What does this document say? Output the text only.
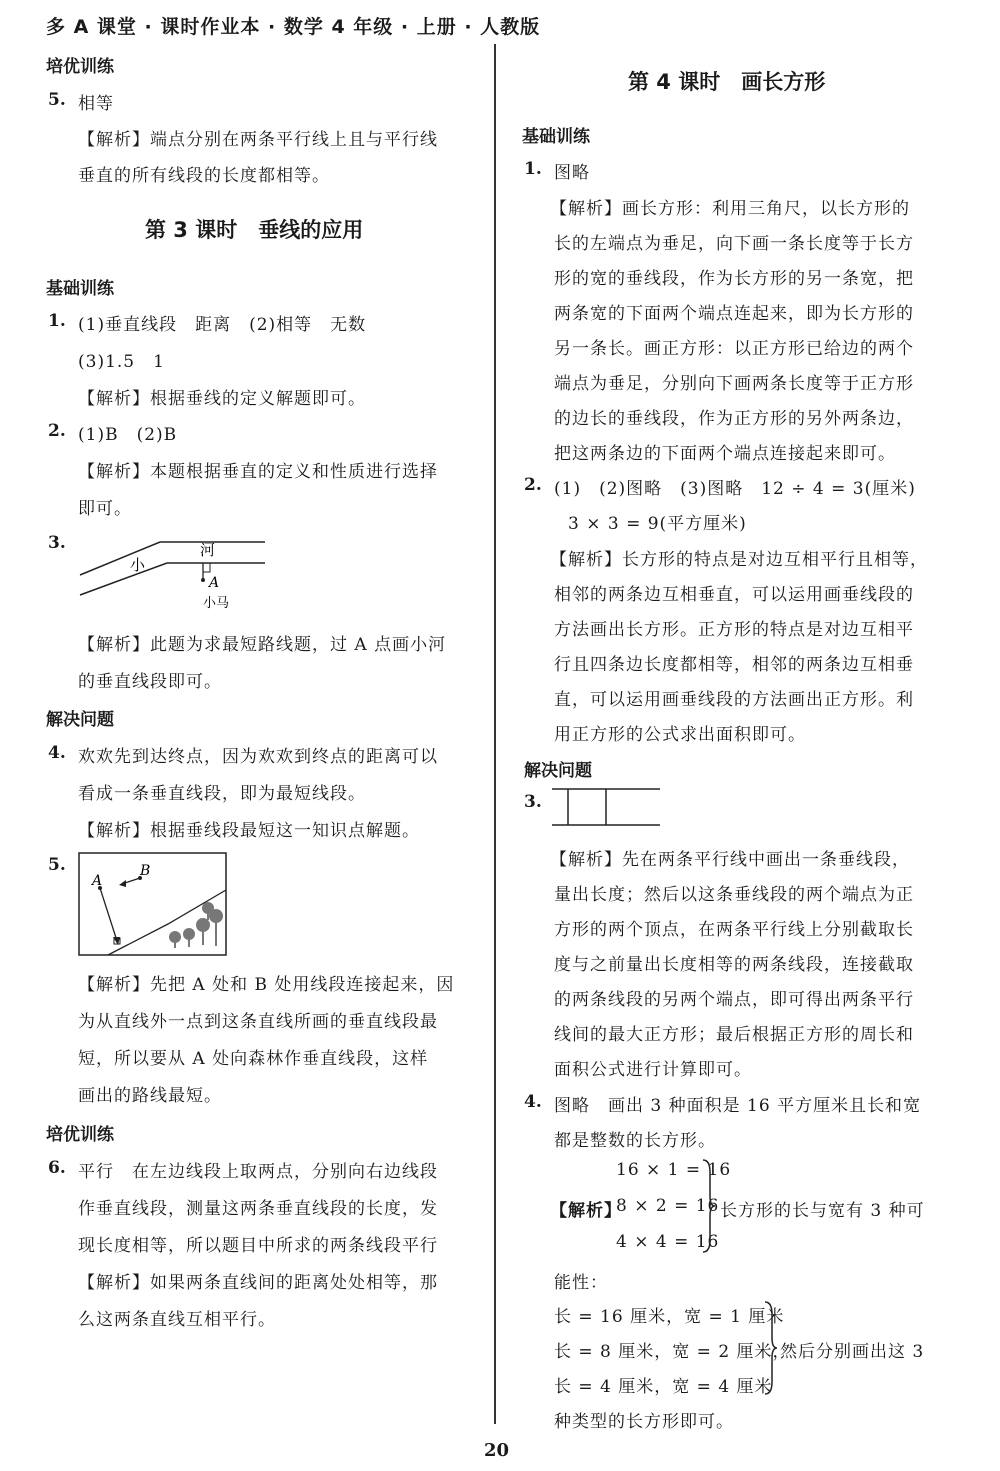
多 A 课堂 · 课时作业本 · 数学 4 年级 · 上册 · 人教版
培优训练
5. 相等
【解析】端点分别在两条平行线上且与平行线
垂直的所有线段的长度都相等。
第 3 课时　垂线的应用
基础训练
1. (1)垂直线段　距离　(2)相等　无数
(3)1.5　1
【解析】根据垂线的定义解题即可。
2. (1)B　(2)B
【解析】本题根据垂直的定义和性质进行选择
即可。
3.
小
河
A
小马
【解析】此题为求最短路线题，过 A 点画小河
的垂直线段即可。
解决问题
4. 欢欢先到达终点，因为欢欢到终点的距离可以
看成一条垂直线段，即为最短线段。
【解析】根据垂线段最短这一知识点解题。
5.
A
B
【解析】先把 A 处和 B 处用线段连接起来，因
为从直线外一点到这条直线所画的垂直线段最
短，所以要从 A 处向森林作垂直线段，这样
画出的路线最短。
培优训练
6. 平行　在左边线段上取两点，分别向右边线段
作垂直线段，测量这两条垂直线段的长度，发
现长度相等，所以题目中所求的两条线段平行
【解析】如果两条直线间的距离处处相等，那
么这两条直线互相平行。
第 4 课时　画长方形
基础训练
1. 图略
【解析】画长方形：利用三角尺，以长方形的
长的左端点为垂足，向下画一条长度等于长方
形的宽的垂线段，作为长方形的另一条宽，把
两条宽的下面两个端点连起来，即为长方形的
另一条长。画正方形：以正方形已给边的两个
端点为垂足，分别向下画两条长度等于正方形
的边长的垂线段，作为正方形的另外两条边，
把这两条边的下面两个端点连接起来即可。
2. (1)　(2)图略　(3)图略　12 ÷ 4 = 3(厘米)
3 × 3 = 9(平方厘米)
【解析】长方形的特点是对边互相平行且相等，
相邻的两条边互相垂直，可以运用画垂线段的
方法画出长方形。正方形的特点是对边互相平
行且四条边长度都相等，相邻的两条边互相垂
直，可以运用画垂线段的方法画出正方形。利
用正方形的公式求出面积即可。
解决问题
3.
【解析】先在两条平行线中画出一条垂线段，
量出长度；然后以这条垂线段的两个端点为正
方形的两个顶点，在两条平行线上分别截取长
度与之前量出长度相等的两条线段，连接截取
的两条线段的另两个端点，即可得出两条平行
线间的最大正方形；最后根据正方形的周长和
面积公式进行计算即可。
4. 图略　画出 3 种面积是 16 平方厘米且长和宽
都是整数的长方形。
16 × 1 = 16
【解析】
8 × 2 = 16
4 × 4 = 16
长方形的长与宽有 3 种可
能性：
长 = 16 厘米，宽 = 1 厘米
长 = 8 厘米，宽 = 2 厘米，
长 = 4 厘米，宽 = 4 厘米
然后分别画出这 3
种类型的长方形即可。
20
